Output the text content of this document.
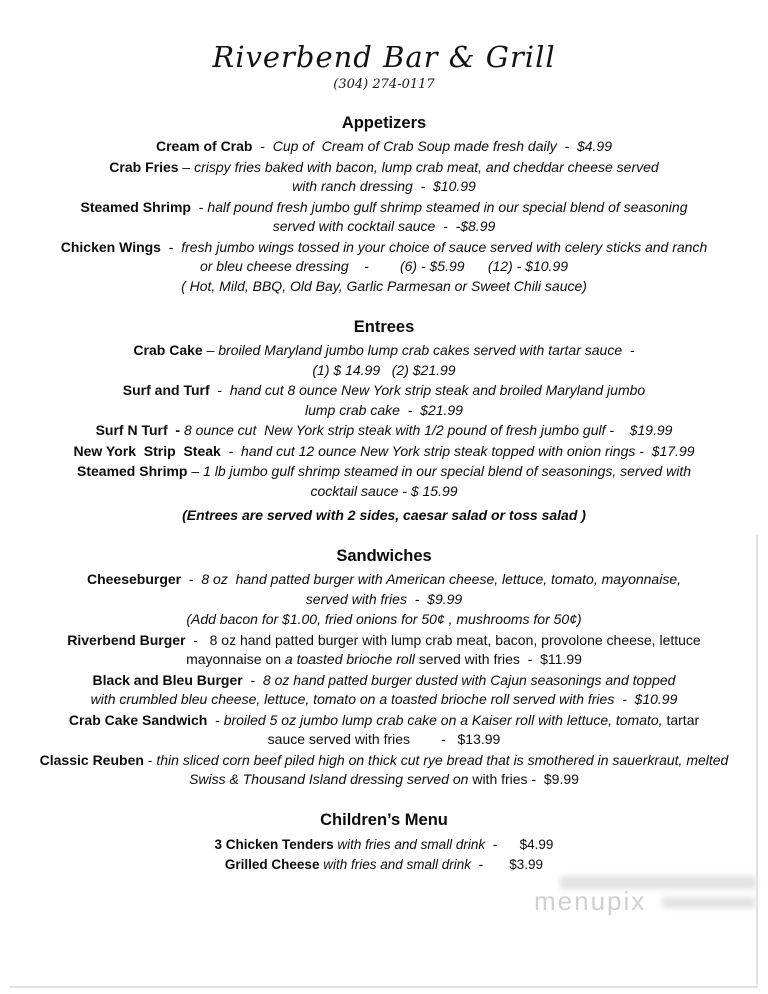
Riverbend Bar & Grill
(304) 274-0117
Appetizers
Cream of Crab  -  Cup of  Cream of Crab Soup made fresh daily  -  $4.99
Crab Fries – crispy fries baked with bacon, lump crab meat, and cheddar cheese served
with ranch dressing  -  $10.99
Steamed Shrimp  - half pound fresh jumbo gulf shrimp steamed in our special blend of seasoning
served with cocktail sauce  -  -$8.99
Chicken Wings  -  fresh jumbo wings tossed in your choice of sauce served with celery sticks and ranch
or bleu cheese dressing    -        (6) - $5.99      (12) - $10.99
( Hot, Mild, BBQ, Old Bay, Garlic Parmesan or Sweet Chili sauce)
Entrees
Crab Cake – broiled Maryland jumbo lump crab cakes served with tartar sauce  -
(1) $ 14.99   (2) $21.99
Surf and Turf  -  hand cut 8 ounce New York strip steak and broiled Maryland jumbo
lump crab cake  -  $21.99
Surf N Turf  - 8 ounce cut  New York strip steak with 1/2 pound of fresh jumbo gulf -    $19.99
New York  Strip  Steak  -  hand cut 12 ounce New York strip steak topped with onion rings -  $17.99
Steamed Shrimp – 1 lb jumbo gulf shrimp steamed in our special blend of seasonings, served with
cocktail sauce - $ 15.99
(Entrees are served with 2 sides, caesar salad or toss salad )
Sandwiches
Cheeseburger  -  8 oz  hand patted burger with American cheese, lettuce, tomato, mayonnaise,
served with fries  -  $9.99
(Add bacon for $1.00, fried onions for 50¢ , mushrooms for 50¢)
Riverbend Burger  -   8 oz hand patted burger with lump crab meat, bacon, provolone cheese, lettuce
mayonnaise on a toasted brioche roll served with fries  -  $11.99
Black and Bleu Burger  -  8 oz hand patted burger dusted with Cajun seasonings and topped
with crumbled bleu cheese, lettuce, tomato on a toasted brioche roll served with fries  -  $10.99
Crab Cake Sandwich  - broiled 5 oz jumbo lump crab cake on a Kaiser roll with lettuce, tomato, tartar
sauce served with fries        -   $13.99
Classic Reuben - thin sliced corn beef piled high on thick cut rye bread that is smothered in sauerkraut, melted
Swiss & Thousand Island dressing served on with fries -  $9.99
Children’s Menu
3 Chicken Tenders with fries and small drink  -      $4.99
Grilled Cheese with fries and small drink  -       $3.99
menupix
